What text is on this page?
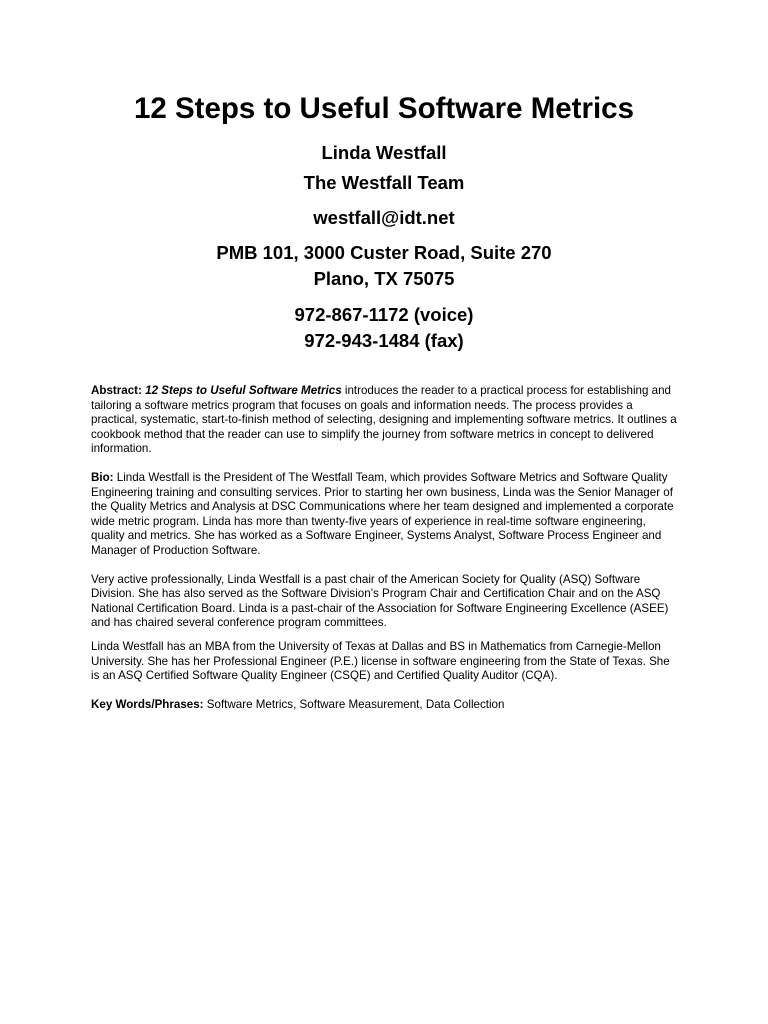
12 Steps to Useful Software Metrics

Linda Westfall

The Westfall Team

westfall@idt.net

PMB 101, 3000 Custer Road, Suite 270

Plano, TX 75075

972-867-1172 (voice)

972-943-1484 (fax)

Abstract: 12 Steps to Useful Software Metrics introduces the reader to a practical process for establishing and tailoring a software metrics program that focuses on goals and information needs. The process provides a practical, systematic, start-to-finish method of selecting, designing and implementing software metrics. It outlines a cookbook method that the reader can use to simplify the journey from software metrics in concept to delivered information.

Bio: Linda Westfall is the President of The Westfall Team, which provides Software Metrics and Software Quality Engineering training and consulting services. Prior to starting her own business, Linda was the Senior Manager of the Quality Metrics and Analysis at DSC Communications where her team designed and implemented a corporate wide metric program. Linda has more than twenty-five years of experience in real-time software engineering, quality and metrics. She has worked as a Software Engineer, Systems Analyst, Software Process Engineer and Manager of Production Software.

Very active professionally, Linda Westfall is a past chair of the American Society for Quality (ASQ) Software Division. She has also served as the Software Division’s Program Chair and Certification Chair and on the ASQ National Certification Board. Linda is a past-chair of the Association for Software Engineering Excellence (ASEE) and has chaired several conference program committees.

Linda Westfall has an MBA from the University of Texas at Dallas and BS in Mathematics from Carnegie-Mellon University. She has her Professional Engineer (P.E.) license in software engineering from the State of Texas. She is an ASQ Certified Software Quality Engineer (CSQE) and Certified Quality Auditor (CQA).

Key Words/Phrases: Software Metrics, Software Measurement, Data Collection
